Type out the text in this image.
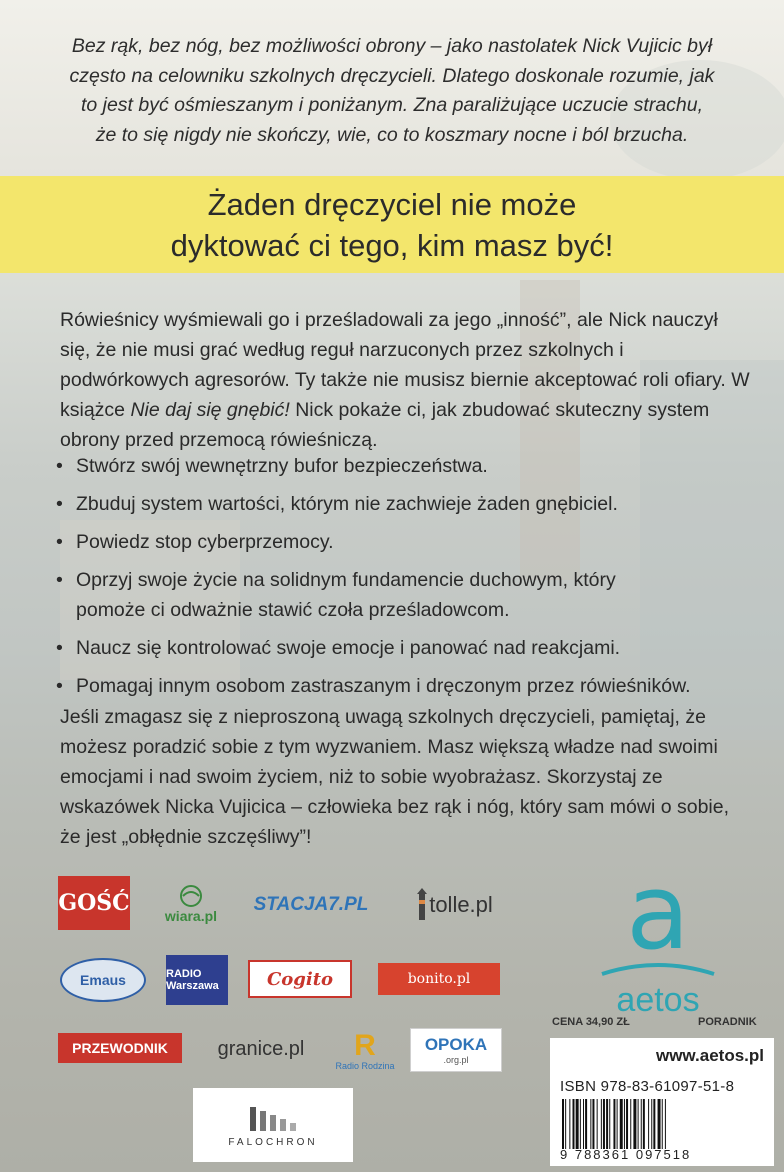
Bez rąk, bez nóg, bez możliwości obrony – jako nastolatek Nick Vujicic był
często na celowniku szkolnych dręczycieli. Dlatego doskonale rozumie, jak
to jest być ośmieszanym i poniżanym. Zna paraliżujące uczucie strachu,
że to się nigdy nie skończy, wie, co to koszmary nocne i ból brzucha.
Żaden dręczyciel nie może
dyktować ci tego, kim masz być!
Rówieśnicy wyśmiewali go i prześladowali za jego „inność”, ale Nick nauczył się, że nie musi grać według reguł narzuconych przez szkolnych i podwórkowych agresorów. Ty także nie musisz biernie akceptować roli ofiary. W książce Nie daj się gnębić! Nick pokaże ci, jak zbudować skuteczny system obrony przed przemocą rówieśniczą.
• Stwórz swój wewnętrzny bufor bezpieczeństwa.
• Zbuduj system wartości, którym nie zachwieje żaden gnębiciel.
• Powiedz stop cyberprzemocy.
• Oprzyj swoje życie na solidnym fundamencie duchowym, który pomoże ci odważnie stawić czoła prześladowcom.
• Naucz się kontrolować swoje emocje i panować nad reakcjami.
• Pomagaj innym osobom zastraszanym i dręczonym przez rówieśników.
Jeśli zmagasz się z nieproszoną uwagą szkolnych dręczycieli, pamiętaj, że możesz poradzić sobie z tym wyzwaniem. Masz większą władze nad swoimi emocjami i nad swoim życiem, niż to sobie wyobrażasz. Skorzystaj ze wskazówek Nicka Vujicica – człowieka bez rąk i nóg, który sam mówi o sobie, że jest „obłędnie szczęśliwy”!
GOŚĆ	wiara.pl
STACJA7.PL	tolle.pl
Emaus	RADIO Warszawa	Cogito	bonito.pl
PRZEWODNIK	granice.pl	R
Radio Rodzina
OPOKA
.org.pl
FALOCHRON
a
aetos
CENA 34,90 ZŁ	PORADNIK
www.aetos.pl
ISBN 978-83-61097-51-8
9 788361 097518
